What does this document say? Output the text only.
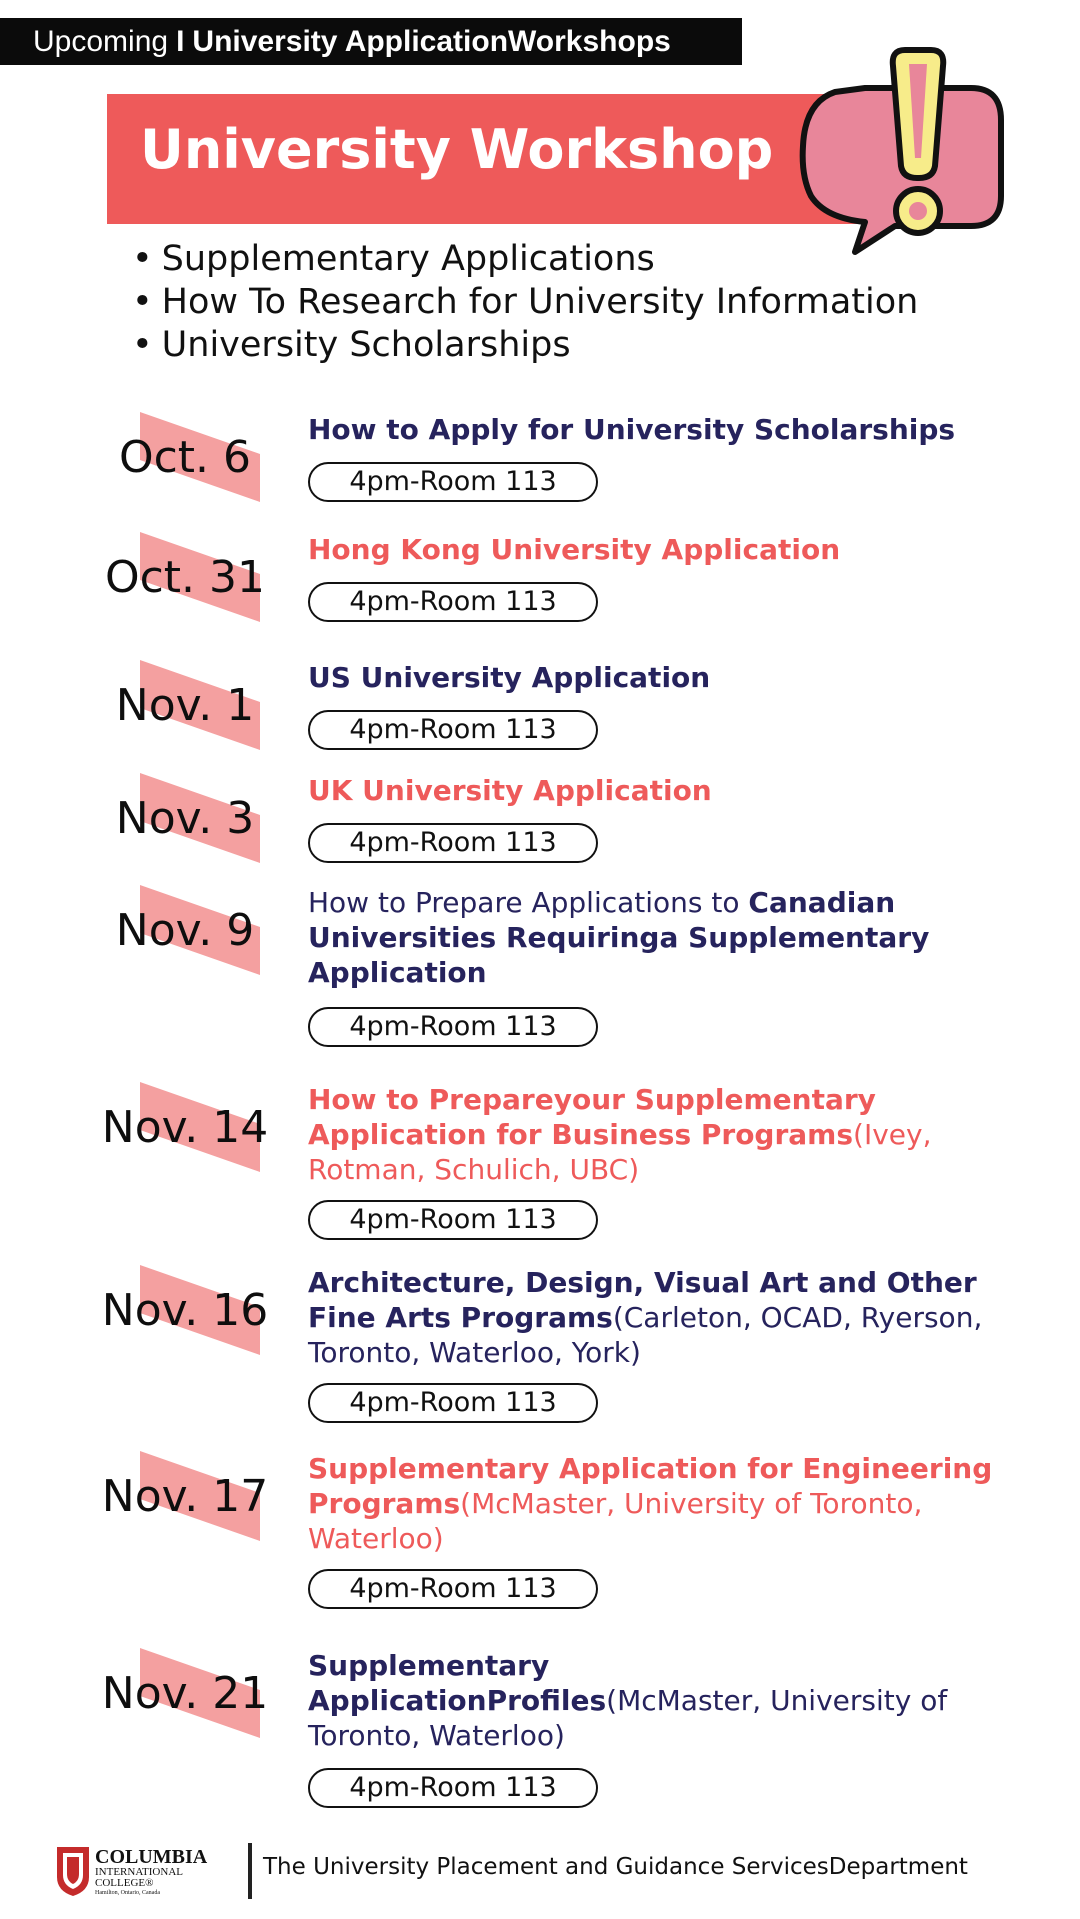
Upcoming I University ApplicationWorkshops
University Workshop
• Supplementary Applications
• How To Research for University Information
• University Scholarships
Oct. 6
How to Apply for University Scholarships
4pm-Room 113
Oct. 31
Hong Kong University Application
4pm-Room 113
Nov. 1
US University Application
4pm-Room 113
Nov. 3
UK University Application
4pm-Room 113
Nov. 9
How to Prepare Applications to Canadian Universities Requiringa Supplementary Application
4pm-Room 113
Nov. 14
How to Prepareyour Supplementary Application for Business Programs(Ivey, Rotman, Schulich, UBC)
4pm-Room 113
Nov. 16
Architecture, Design, Visual Art and Other Fine Arts Programs(Carleton, OCAD, Ryerson, Toronto, Waterloo, York)
4pm-Room 113
Nov. 17
Supplementary Application for Engineering Programs(McMaster, University of Toronto, Waterloo)
4pm-Room 113
Nov. 21
Supplementary ApplicationProfiles(McMaster, University of Toronto, Waterloo)
4pm-Room 113
COLUMBIA
INTERNATIONAL
COLLEGE®
Hamilton, Ontario, Canada
The University Placement and Guidance ServicesDepartment
